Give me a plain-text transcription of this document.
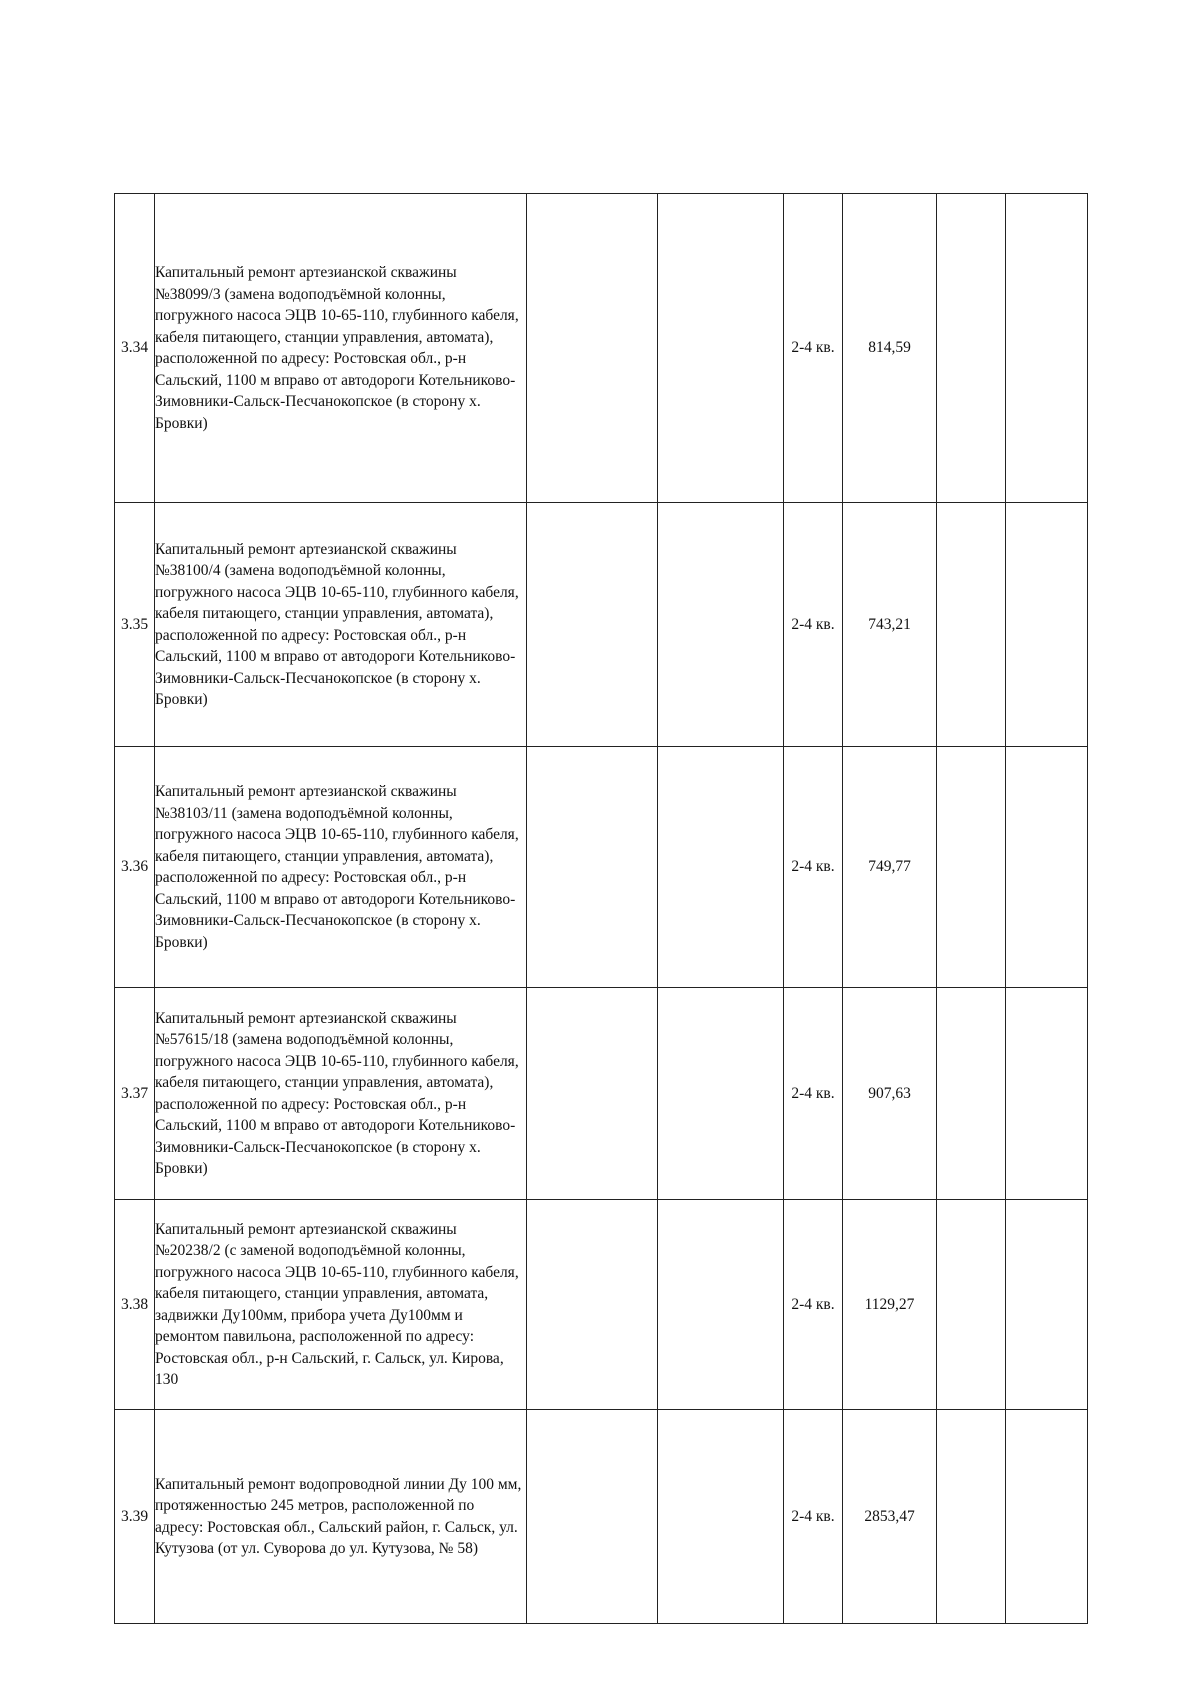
3.34	Капитальный ремонт артезианской скважины №38099/3 (замена водоподъёмной колонны, погружного насоса ЭЦВ 10-65-110, глубинного кабеля, кабеля питающего, станции управления, автомата), расположенной по адресу: Ростовская обл., р-н Сальский, 1100 м вправо от автодороги Котельниково-Зимовники-Сальск-Песчанокопское (в сторону х. Бровки)			2-4 кв.	814,59		
3.35	Капитальный ремонт артезианской скважины №38100/4 (замена водоподъёмной колонны, погружного насоса ЭЦВ 10-65-110, глубинного кабеля, кабеля питающего, станции управления, автомата), расположенной по адресу: Ростовская обл., р-н Сальский, 1100 м вправо от автодороги Котельниково-Зимовники-Сальск-Песчанокопское (в сторону х. Бровки)			2-4 кв.	743,21		
3.36	Капитальный ремонт артезианской скважины №38103/11 (замена водоподъёмной колонны, погружного насоса ЭЦВ 10-65-110, глубинного кабеля, кабеля питающего, станции управления, автомата), расположенной по адресу: Ростовская обл., р-н Сальский, 1100 м вправо от автодороги Котельниково-Зимовники-Сальск-Песчанокопское (в сторону х. Бровки)			2-4 кв.	749,77		
3.37	Капитальный ремонт артезианской скважины №57615/18 (замена водоподъёмной колонны, погружного насоса ЭЦВ 10-65-110, глубинного кабеля, кабеля питающего, станции управления, автомата), расположенной по адресу: Ростовская обл., р-н Сальский, 1100 м вправо от автодороги Котельниково-Зимовники-Сальск-Песчанокопское (в сторону х. Бровки)			2-4 кв.	907,63		
3.38	Капитальный ремонт артезианской скважины №20238/2 (с заменой водоподъёмной колонны, погружного насоса ЭЦВ 10-65-110, глубинного кабеля, кабеля питающего, станции управления, автомата, задвижки Ду100мм, прибора учета Ду100мм и ремонтом павильона, расположенной по адресу: Ростовская обл., р-н Сальский, г. Сальск, ул. Кирова, 130			2-4 кв.	1129,27		
3.39	Капитальный ремонт водопроводной линии Ду 100 мм, протяженностью 245 метров, расположенной по адресу: Ростовская обл., Сальский район, г. Сальск, ул. Кутузова (от ул. Суворова до ул. Кутузова, № 58)			2-4 кв.	2853,47		
